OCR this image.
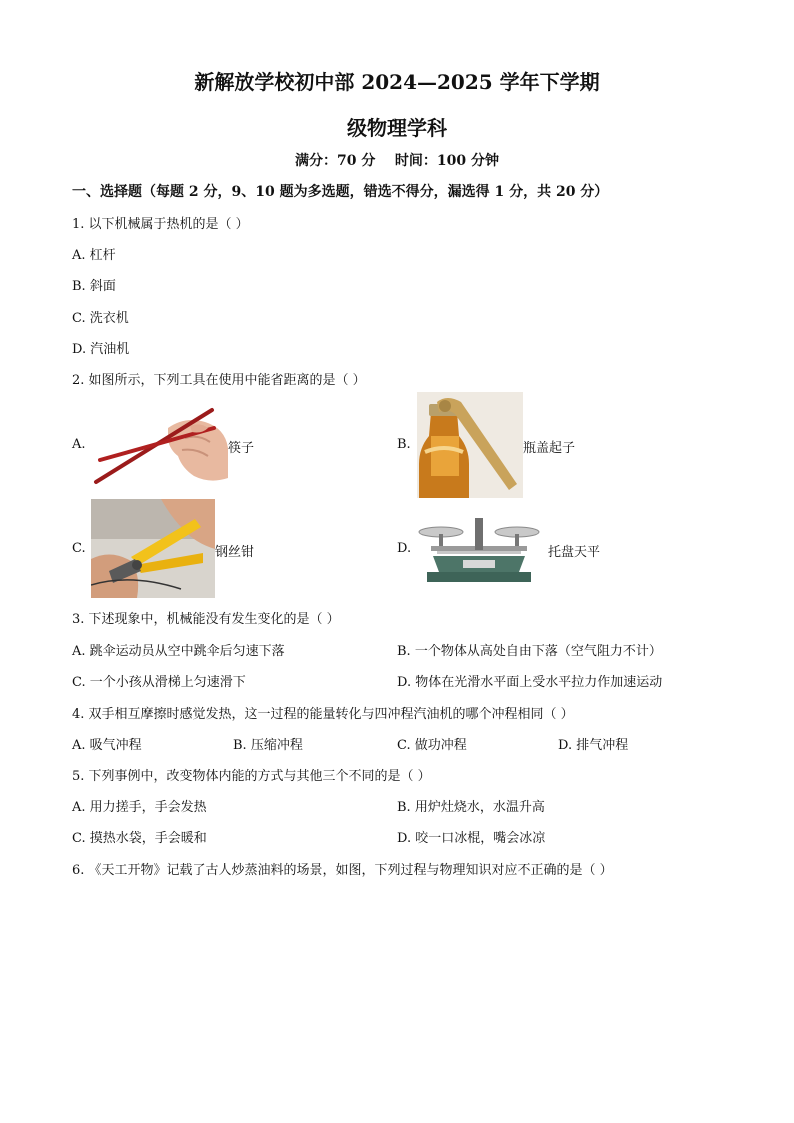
新解放学校初中部 2024—2025 学年下学期
级物理学科
满分：70 分    时间：100 分钟
一、选择题（每题 2 分，9、10 题为多选题，错选不得分，漏选得 1 分，共 20 分）
1. 以下机械属于热机的是（ ）
A. 杠杆
B. 斜面
C. 洗衣机
D. 汽油机
2. 如图所示，下列工具在使用中能省距离的是（ ）
A.	筷子	B.	瓶盖起子
C.	钢丝钳	D.	托盘天平
3. 下述现象中，机械能没有发生变化的是（ ）
A. 跳伞运动员从空中跳伞后匀速下落	B. 一个物体从高处自由下落（空气阻力不计）
C. 一个小孩从滑梯上匀速滑下	D. 物体在光滑水平面上受水平拉力作加速运动
4. 双手相互摩擦时感觉发热，这一过程的能量转化与四冲程汽油机的哪个冲程相同（ ）
A. 吸气冲程	B. 压缩冲程	C. 做功冲程	D. 排气冲程
5. 下列事例中，改变物体内能的方式与其他三个不同的是（ ）
A. 用力搓手，手会发热	B. 用炉灶烧水，水温升高
C. 摸热水袋，手会暖和	D. 咬一口冰棍，嘴会冰凉
6. 《天工开物》记载了古人炒蒸油料的场景，如图，下列过程与物理知识对应不正确的是（ ）
